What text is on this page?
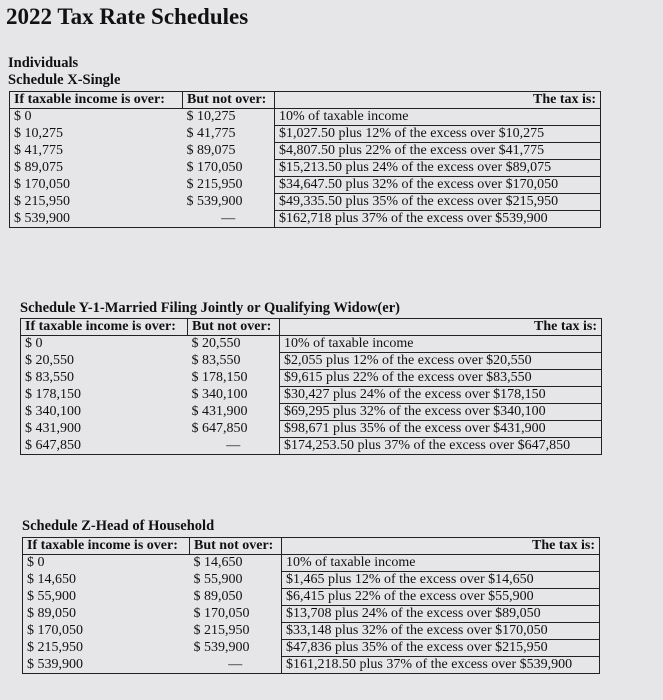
2022 Tax Rate Schedules
Individuals
Schedule X-Single
If taxable income is over:	But not over:	The tax is:
$ 0	$ 10,275	10% of taxable income
$ 10,275	$ 41,775	$1,027.50 plus 12% of the excess over $10,275
$ 41,775	$ 89,075	$4,807.50 plus 22% of the excess over $41,775
$ 89,075	$ 170,050	$15,213.50 plus 24% of the excess over $89,075
$ 170,050	$ 215,950	$34,647.50 plus 32% of the excess over $170,050
$ 215,950	$ 539,900	$49,335.50 plus 35% of the excess over $215,950
$ 539,900	—	$162,718 plus 37% of the excess over $539,900
Schedule Y-1-Married Filing Jointly or Qualifying Widow(er)
If taxable income is over:	But not over:	The tax is:
$ 0	$ 20,550	10% of taxable income
$ 20,550	$ 83,550	$2,055 plus 12% of the excess over $20,550
$ 83,550	$ 178,150	$9,615 plus 22% of the excess over $83,550
$ 178,150	$ 340,100	$30,427 plus 24% of the excess over $178,150
$ 340,100	$ 431,900	$69,295 plus 32% of the excess over $340,100
$ 431,900	$ 647,850	$98,671 plus 35% of the excess over $431,900
$ 647,850	—	$174,253.50 plus 37% of the excess over $647,850
Schedule Z-Head of Household
If taxable income is over:	But not over:	The tax is:
$ 0	$ 14,650	10% of taxable income
$ 14,650	$ 55,900	$1,465 plus 12% of the excess over $14,650
$ 55,900	$ 89,050	$6,415 plus 22% of the excess over $55,900
$ 89,050	$ 170,050	$13,708 plus 24% of the excess over $89,050
$ 170,050	$ 215,950	$33,148 plus 32% of the excess over $170,050
$ 215,950	$ 539,900	$47,836 plus 35% of the excess over $215,950
$ 539,900	—	$161,218.50 plus 37% of the excess over $539,900
